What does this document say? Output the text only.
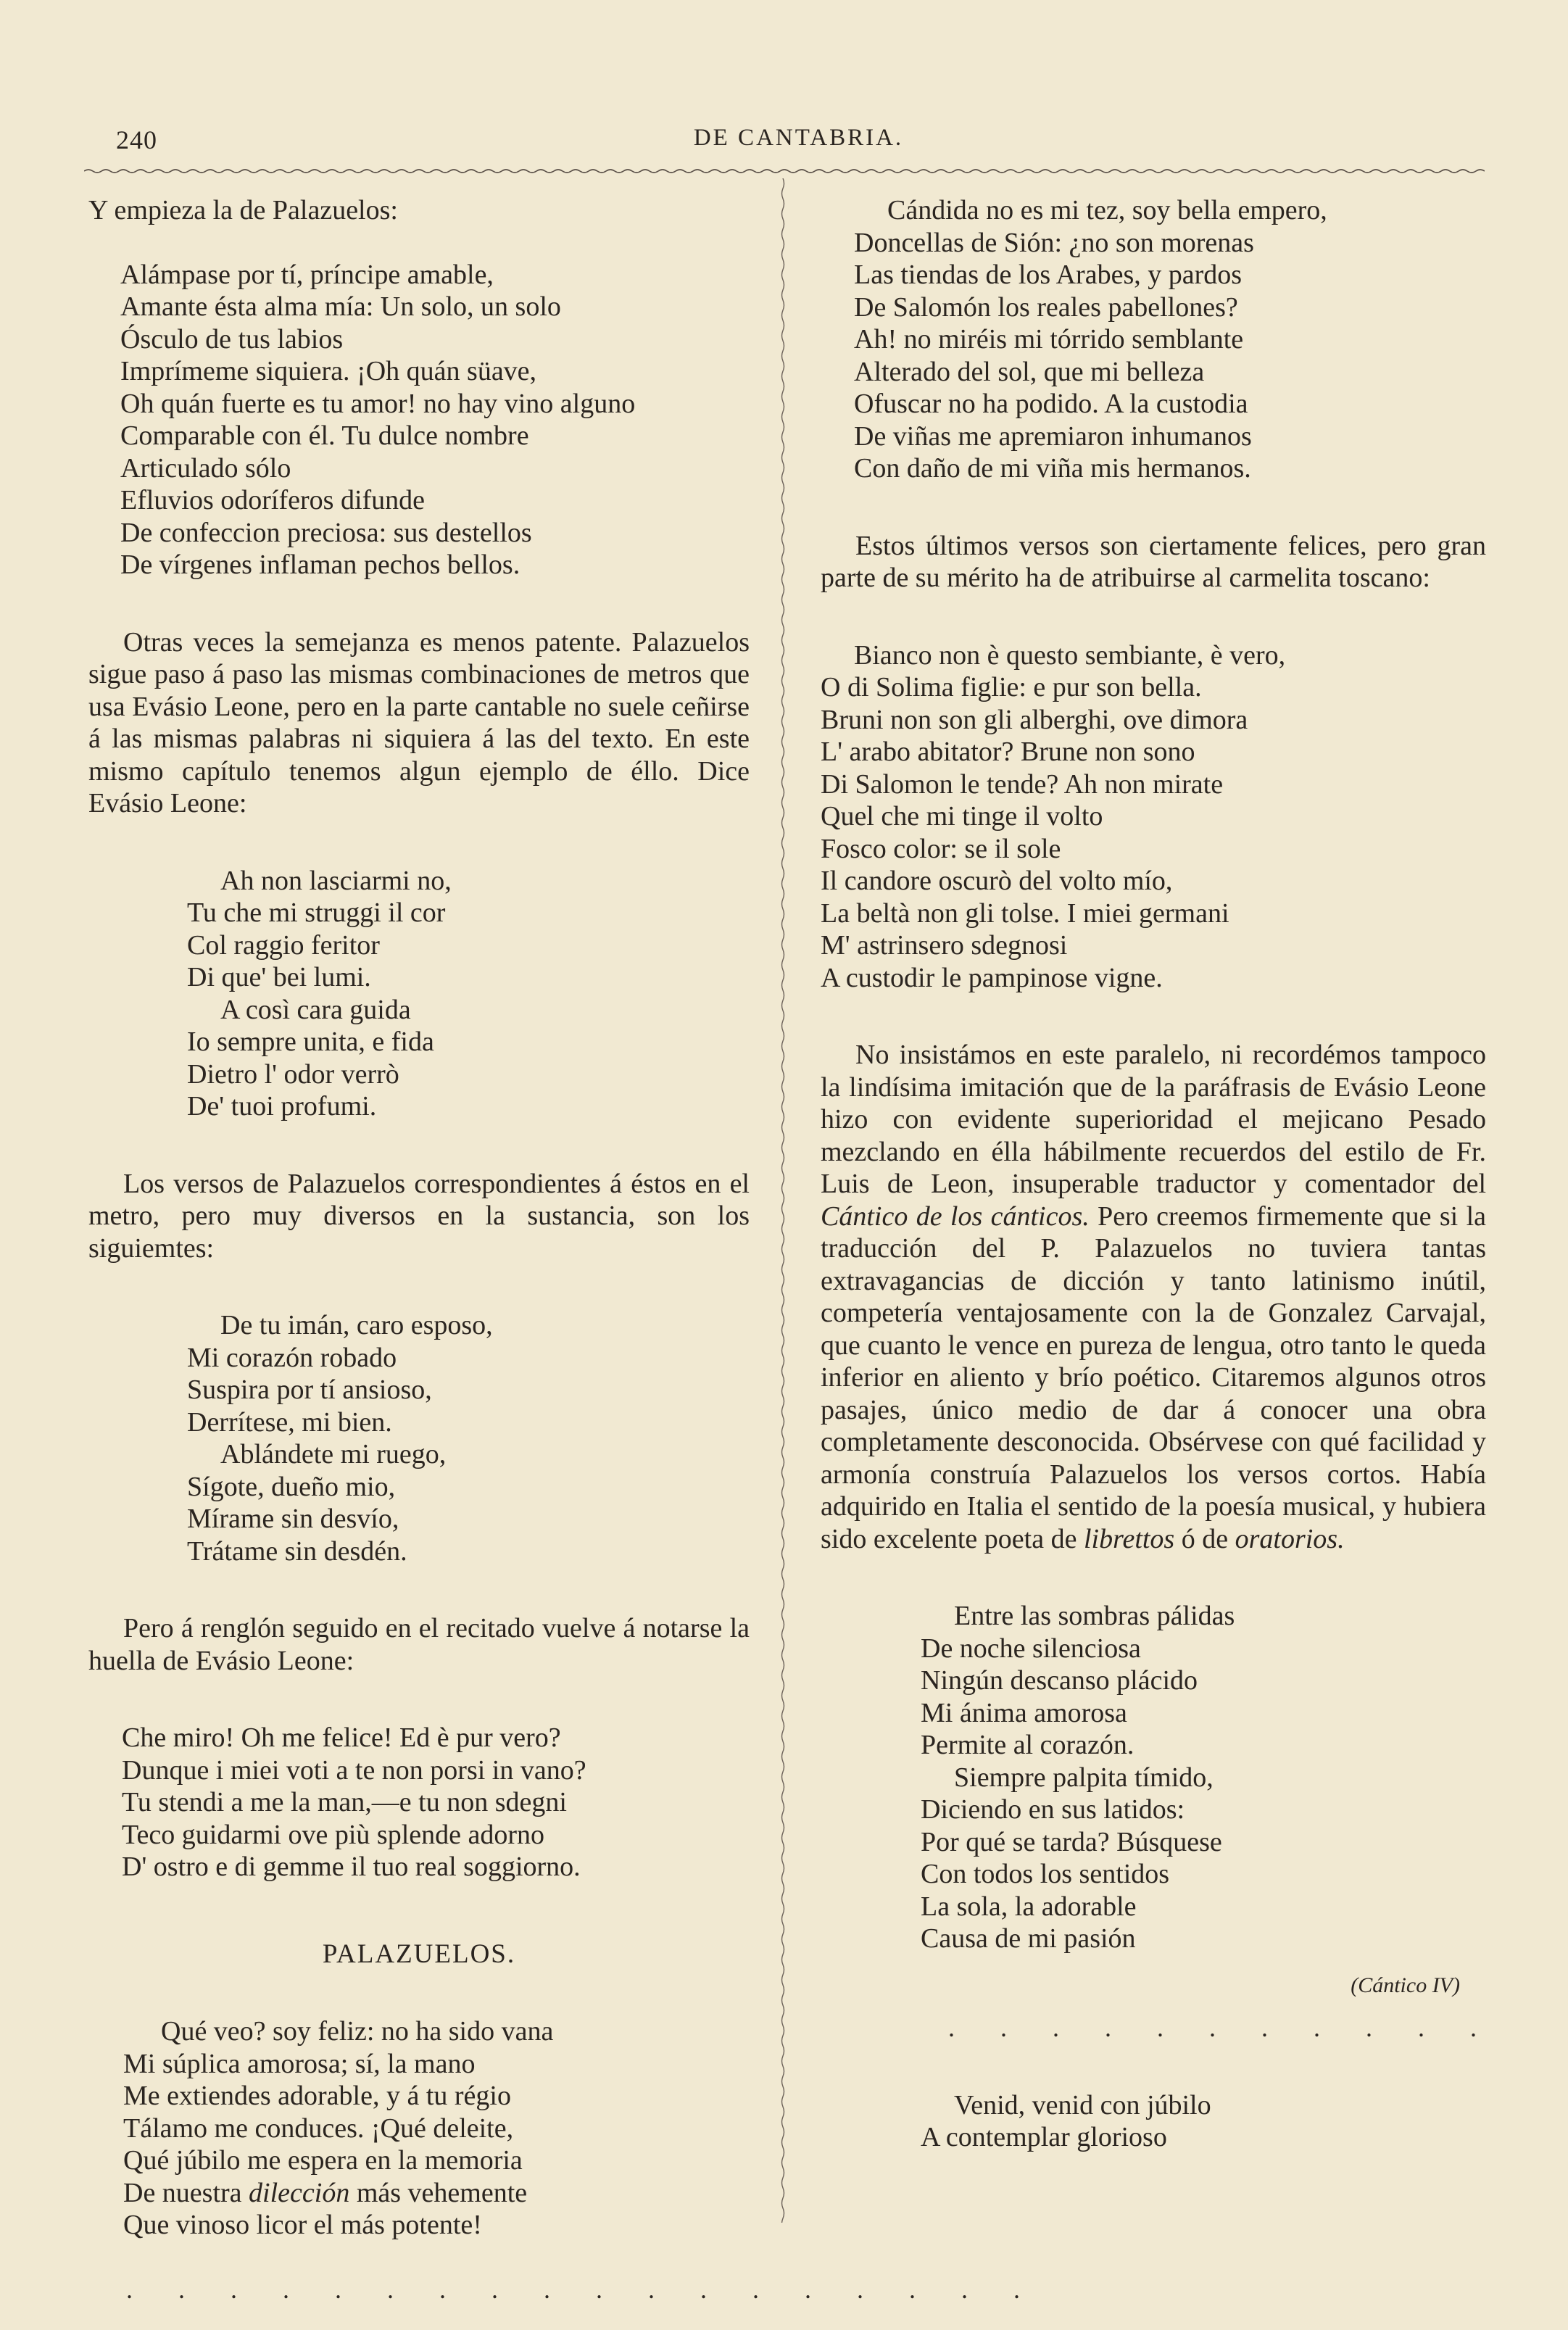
240	DE CANTABRIA.

Y empieza la de Palazuelos:

Alámpase por tí, príncipe amable,
Amante ésta alma mía: Un solo, un solo
Ósculo de tus labios
Imprímeme siquiera. ¡Oh quán süave,
Oh quán fuerte es tu amor! no hay vino alguno
Comparable con él. Tu dulce nombre
Articulado sólo
Efluvios odoríferos difunde
De confeccion preciosa: sus destellos
De vírgenes inflaman pechos bellos.

Otras veces la semejanza es menos patente. Palazuelos sigue paso á paso las mismas combinaciones de metros que usa Evásio Leone, pero en la parte cantable no suele ceñirse á las mismas palabras ni siquiera á las del texto. En este mismo capítulo tenemos algun ejemplo de éllo. Dice Evásio Leone:

Ah non lasciarmi no,
Tu che mi struggi il cor
Col raggio feritor
Di que' bei lumi.
A così cara guida
Io sempre unita, e fida
Dietro l' odor verrò
De' tuoi profumi.

Los versos de Palazuelos correspondientes á éstos en el metro, pero muy diversos en la sustancia, son los siguiemtes:

De tu imán, caro esposo,
Mi corazón robado
Suspira por tí ansioso,
Derrítese, mi bien.
Ablándete mi ruego,
Sígote, dueño mio,
Mírame sin desvío,
Trátame sin desdén.

Pero á renglón seguido en el recitado vuelve á notarse la huella de Evásio Leone:

Che miro! Oh me felice! Ed è pur vero?
Dunque i miei voti a te non porsi in vano?
Tu stendi a me la man,—e tu non sdegni
Teco guidarmi ove più splende adorno
D' ostro e di gemme il tuo real soggiorno.

PALAZUELOS.

Qué veo? soy feliz: no ha sido vana
Mi súplica amorosa; sí, la mano
Me extiendes adorable, y á tu régio
Tálamo me conduces. ¡Qué deleite,
Qué júbilo me espera en la memoria
De nuestra dilección más vehemente
Que vinoso licor el más potente!

. . . . . . . . . . . . . . . . . .

Cándida no es mi tez, soy bella empero,
Doncellas de Sión: ¿no son morenas
Las tiendas de los Arabes, y pardos
De Salomón los reales pabellones?
Ah! no miréis mi tórrido semblante
Alterado del sol, que mi belleza
Ofuscar no ha podido. A la custodia
De viñas me apremiaron inhumanos
Con daño de mi viña mis hermanos.

Estos últimos versos son ciertamente felices, pero gran parte de su mérito ha de atribuirse al carmelita toscano:

Bianco non è questo sembiante, è vero,
O di Solima figlie: e pur son bella.
Bruni non son gli alberghi, ove dimora
L' arabo abitator? Brune non sono
Di Salomon le tende? Ah non mirate
Quel che mi tinge il volto
Fosco color: se il sole
Il candore oscurò del volto mío,
La beltà non gli tolse. I miei germani
M' astrinsero sdegnosi
A custodir le pampinose vigne.

No insistámos en este paralelo, ni recordémos tampoco la lindísima imitación que de la paráfrasis de Evásio Leone hizo con evidente superioridad el mejicano Pesado mezclando en élla hábilmente recuerdos del estilo de Fr. Luis de Leon, insuperable traductor y comentador del Cántico de los cánticos. Pero creemos firmemente que si la traducción del P. Palazuelos no tuviera tantas extravagancias de dicción y tanto latinismo inútil, competería ventajosamente con la de Gonzalez Carvajal, que cuanto le vence en pureza de lengua, otro tanto le queda inferior en aliento y brío poético. Citaremos algunos otros pasajes, único medio de dar á conocer una obra completamente desconocida. Obsérvese con qué facilidad y armonía construía Palazuelos los versos cortos. Había adquirido en Italia el sentido de la poesía musical, y hubiera sido excelente poeta de librettos ó de oratorios.

Entre las sombras pálidas
De noche silenciosa
Ningún descanso plácido
Mi ánima amorosa
Permite al corazón.
Siempre palpita tímido,
Diciendo en sus latidos:
Por qué se tarda? Búsquese
Con todos los sentidos
La sola, la adorable
Causa de mi pasión

(Cántico IV)

. . . . . . . . . . .

Venid, venid con júbilo
A contemplar glorioso
